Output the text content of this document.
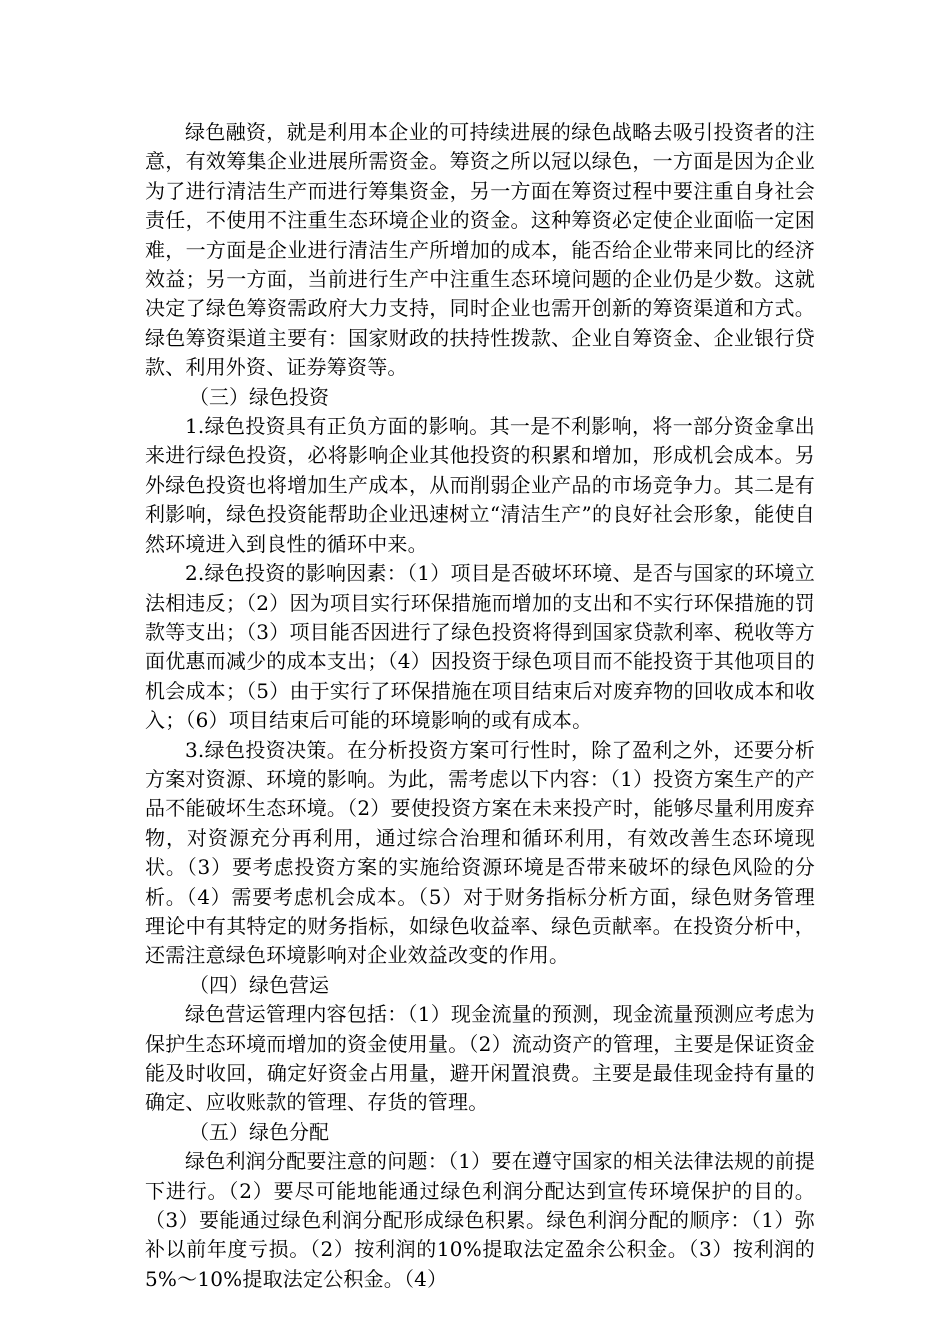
绿色融资，就是利用本企业的可持续进展的绿色战略去吸引投资者的注意，有效筹集企业进展所需资金。筹资之所以冠以绿色，一方面是因为企业为了进行清洁生产而进行筹集资金，另一方面在筹资过程中要注重自身社会责任，不使用不注重生态环境企业的资金。这种筹资必定使企业面临一定困难，一方面是企业进行清洁生产所增加的成本，能否给企业带来同比的经济效益；另一方面，当前进行生产中注重生态环境问题的企业仍是少数。这就决定了绿色筹资需政府大力支持，同时企业也需开创新的筹资渠道和方式。绿色筹资渠道主要有：国家财政的扶持性拨款、企业自筹资金、企业银行贷款、利用外资、证券筹资等。

（三）绿色投资

1.绿色投资具有正负方面的影响。其一是不利影响，将一部分资金拿出来进行绿色投资，必将影响企业其他投资的积累和增加，形成机会成本。另外绿色投资也将增加生产成本，从而削弱企业产品的市场竞争力。其二是有利影响，绿色投资能帮助企业迅速树立“清洁生产”的良好社会形象，能使自然环境进入到良性的循环中来。

2.绿色投资的影响因素：（1）项目是否破坏环境、是否与国家的环境立法相违反；（2）因为项目实行环保措施而增加的支出和不实行环保措施的罚款等支出；（3）项目能否因进行了绿色投资将得到国家贷款利率、税收等方面优惠而减少的成本支出；（4）因投资于绿色项目而不能投资于其他项目的机会成本；（5）由于实行了环保措施在项目结束后对废弃物的回收成本和收入；（6）项目结束后可能的环境影响的或有成本。

3.绿色投资决策。在分析投资方案可行性时，除了盈利之外，还要分析方案对资源、环境的影响。为此，需考虑以下内容：（1）投资方案生产的产品不能破坏生态环境。（2）要使投资方案在未来投产时，能够尽量利用废弃物，对资源充分再利用，通过综合治理和循环利用，有效改善生态环境现状。（3）要考虑投资方案的实施给资源环境是否带来破坏的绿色风险的分析。（4）需要考虑机会成本。（5）对于财务指标分析方面，绿色财务管理理论中有其特定的财务指标，如绿色收益率、绿色贡献率。在投资分析中，还需注意绿色环境影响对企业效益改变的作用。

（四）绿色营运

绿色营运管理内容包括：（1）现金流量的预测，现金流量预测应考虑为保护生态环境而增加的资金使用量。（2）流动资产的管理，主要是保证资金能及时收回，确定好资金占用量，避开闲置浪费。主要是最佳现金持有量的确定、应收账款的管理、存货的管理。

（五）绿色分配

绿色利润分配要注意的问题：（1）要在遵守国家的相关法律法规的前提下进行。（2）要尽可能地能通过绿色利润分配达到宣传环境保护的目的。（3）要能通过绿色利润分配形成绿色积累。绿色利润分配的顺序：（1）弥补以前年度亏损。（2）按利润的10%提取法定盈余公积金。（3）按利润的5%～10%提取法定公积金。（4）
